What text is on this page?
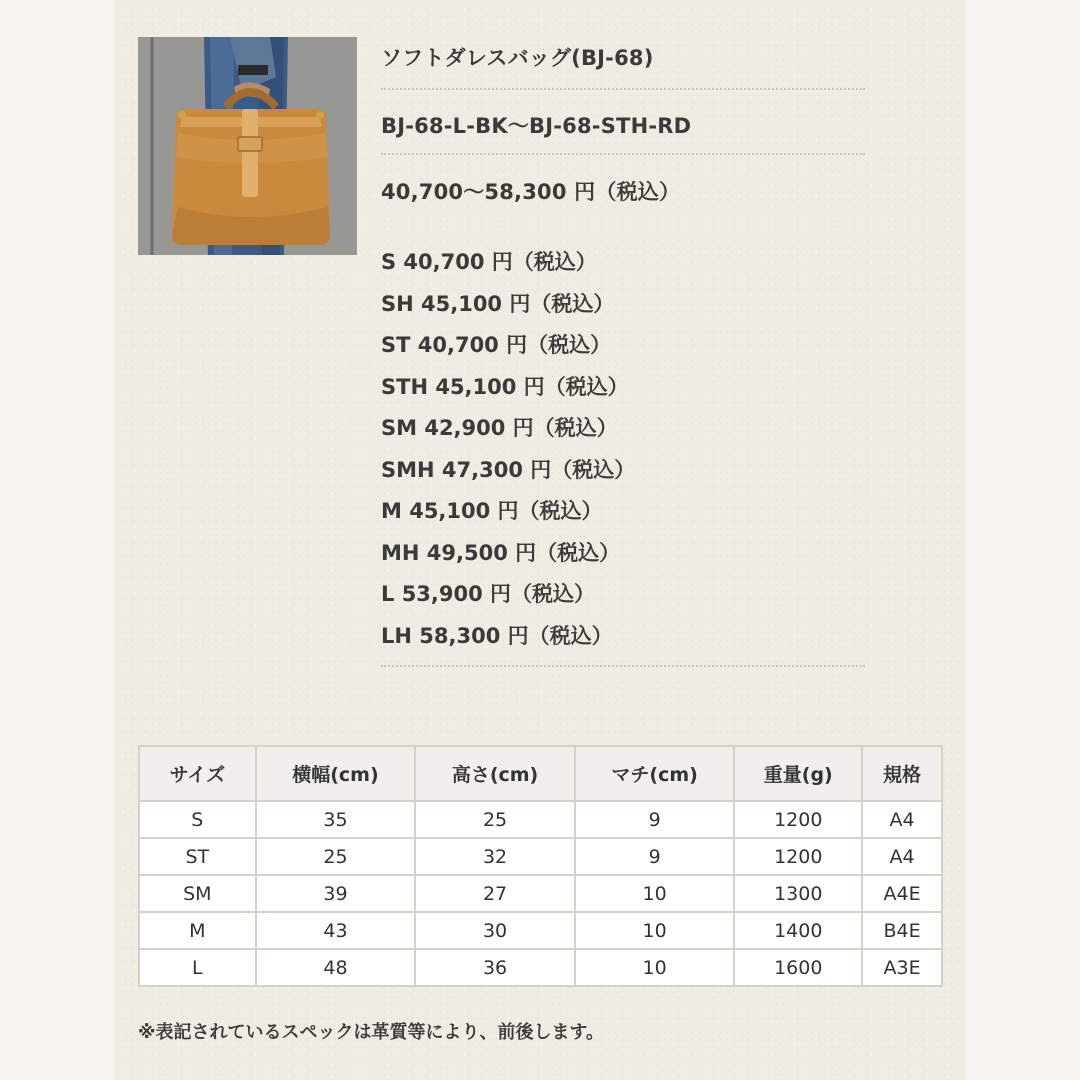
ソフトダレスバッグ(BJ-68)
BJ-68-L-BK〜BJ-68-STH-RD
40,700〜58,300 円（税込）
S 40,700 円（税込）
SH 45,100 円（税込）
ST 40,700 円（税込）
STH 45,100 円（税込）
SM 42,900 円（税込）
SMH 47,300 円（税込）
M 45,100 円（税込）
MH 49,500 円（税込）
L 53,900 円（税込）
LH 58,300 円（税込）
サイズ	横幅(cm)	高さ(cm)	マチ(cm)	重量(g)	規格
S	35	25	9	1200	A4
ST	25	32	9	1200	A4
SM	39	27	10	1300	A4E
M	43	30	10	1400	B4E
L	48	36	10	1600	A3E
※表記されているスペックは革質等により、前後します。
